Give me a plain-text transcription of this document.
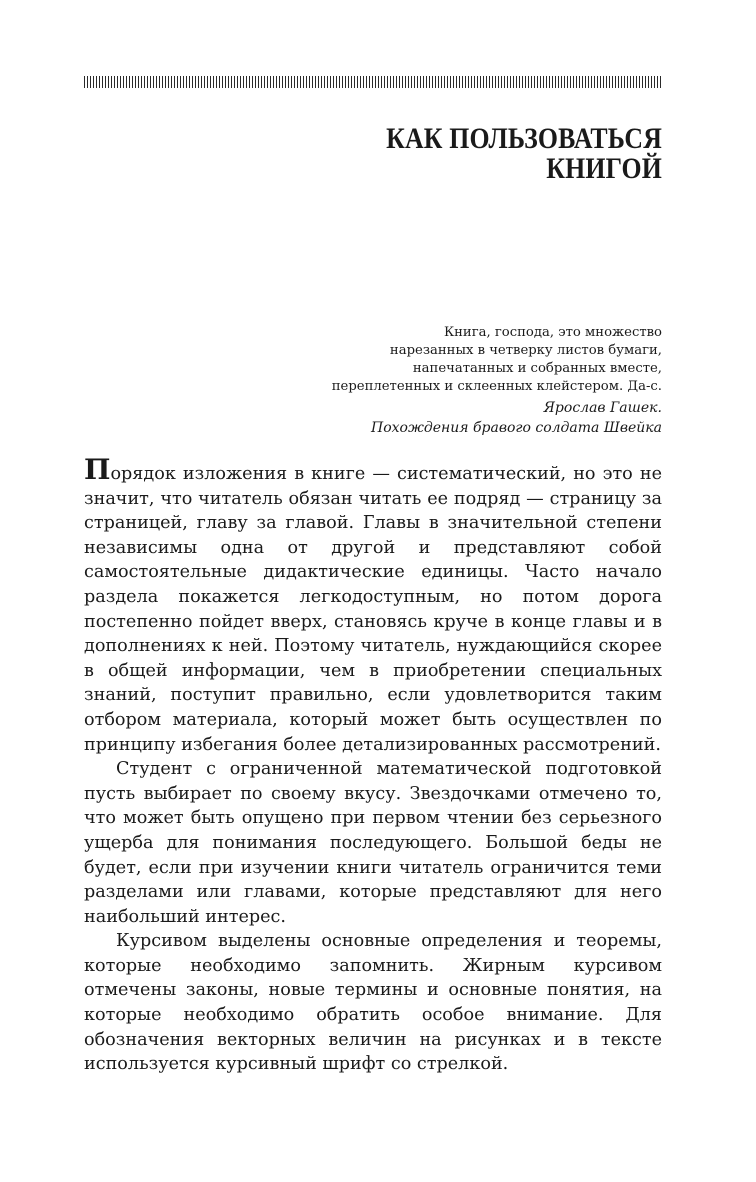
КАК ПОЛЬЗОВАТЬСЯ
КНИГОЙ
Книга, господа, это множество
нарезанных в четверку листов бумаги,
напечатанных и собранных вместе,
переплетенных и склеенных клейстером. Да-с.
Ярослав Гашек.
Похождения бравого солдата Швейка

Порядок изложения в книге — систематический, но это не значит, что читатель обязан читать ее подряд — страницу за страницей, главу за главой. Главы в значительной степени независимы одна от другой и представляют собой самостоятельные дидактические единицы. Часто начало раздела покажется легкодоступным, но потом дорога постепенно пойдет вверх, становясь круче в конце главы и в дополнениях к ней. Поэтому читатель, нуждающийся скорее в общей информации, чем в приобретении специальных знаний, поступит правильно, если удовлетворится таким отбором материала, который может быть осуществлен по принципу избегания более детализированных рассмотрений.

Студент с ограниченной математической подготовкой пусть выбирает по своему вкусу. Звездочками отмечено то, что может быть опущено при первом чтении без серьезного ущерба для понимания последующего. Большой беды не будет, если при изучении книги читатель ограничится теми разделами или главами, которые представляют для него наибольший интерес.

Курсивом выделены основные определения и теоремы, которые необходимо запомнить. Жирным курсивом отмечены законы, новые термины и основные понятия, на которые необходимо обратить особое внимание. Для обозначения векторных величин на рисунках и в тексте используется курсивный шрифт со стрелкой.
